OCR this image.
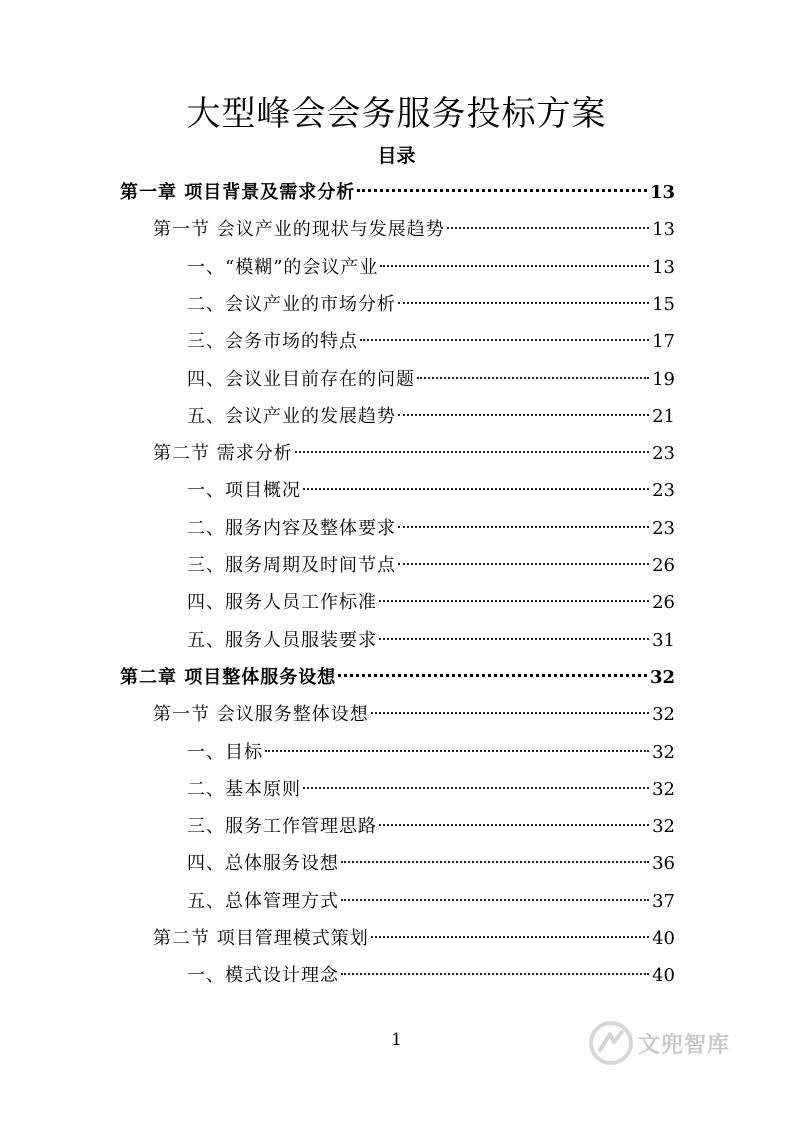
大型峰会会务服务投标方案
目录
第一章 项目背景及需求分析	13
第一节 会议产业的现状与发展趋势	13
一、“模糊”的会议产业	13
二、会议产业的市场分析	15
三、会务市场的特点	17
四、会议业目前存在的问题	19
五、会议产业的发展趋势	21
第二节 需求分析	23
一、项目概况	23
二、服务内容及整体要求	23
三、服务周期及时间节点	26
四、服务人员工作标准	26
五、服务人员服装要求	31
第二章 项目整体服务设想	32
第一节 会议服务整体设想	32
一、目标	32
二、基本原则	32
三、服务工作管理思路	32
四、总体服务设想	36
五、总体管理方式	37
第二节 项目管理模式策划	40
一、模式设计理念	40
1	文兜智库
